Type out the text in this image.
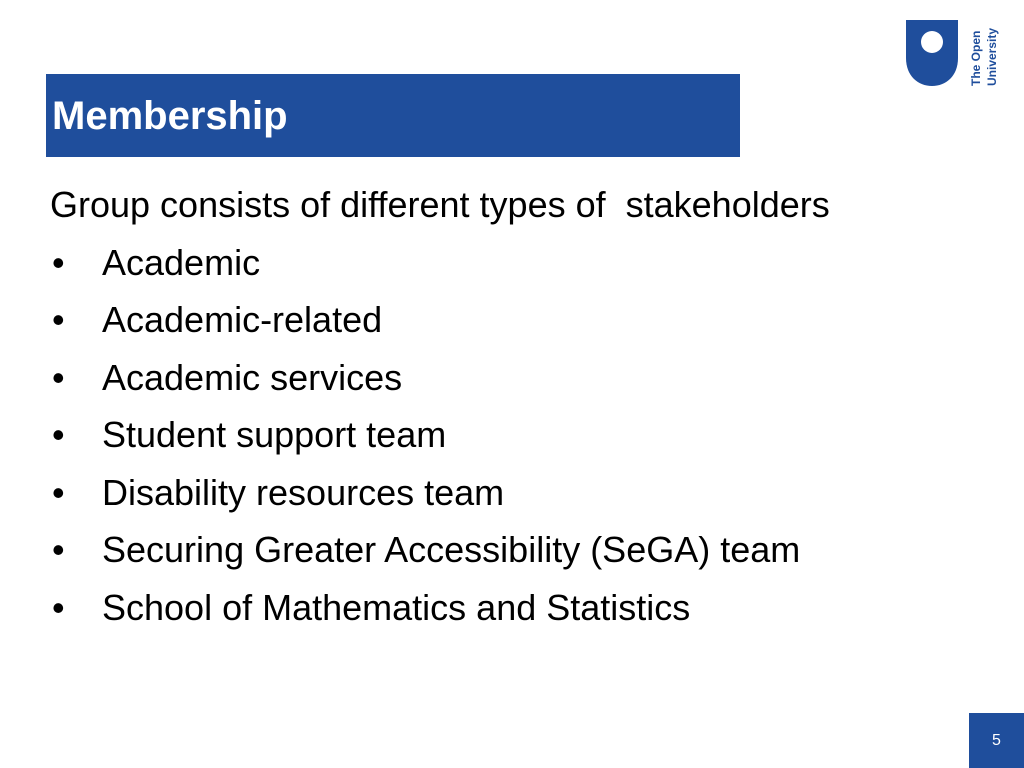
Membership
The Open University
Group consists of different types of  stakeholders
• Academic
• Academic-related
• Academic services
• Student support team
• Disability resources team
• Securing Greater Accessibility (SeGA) team
• School of Mathematics and Statistics
5
